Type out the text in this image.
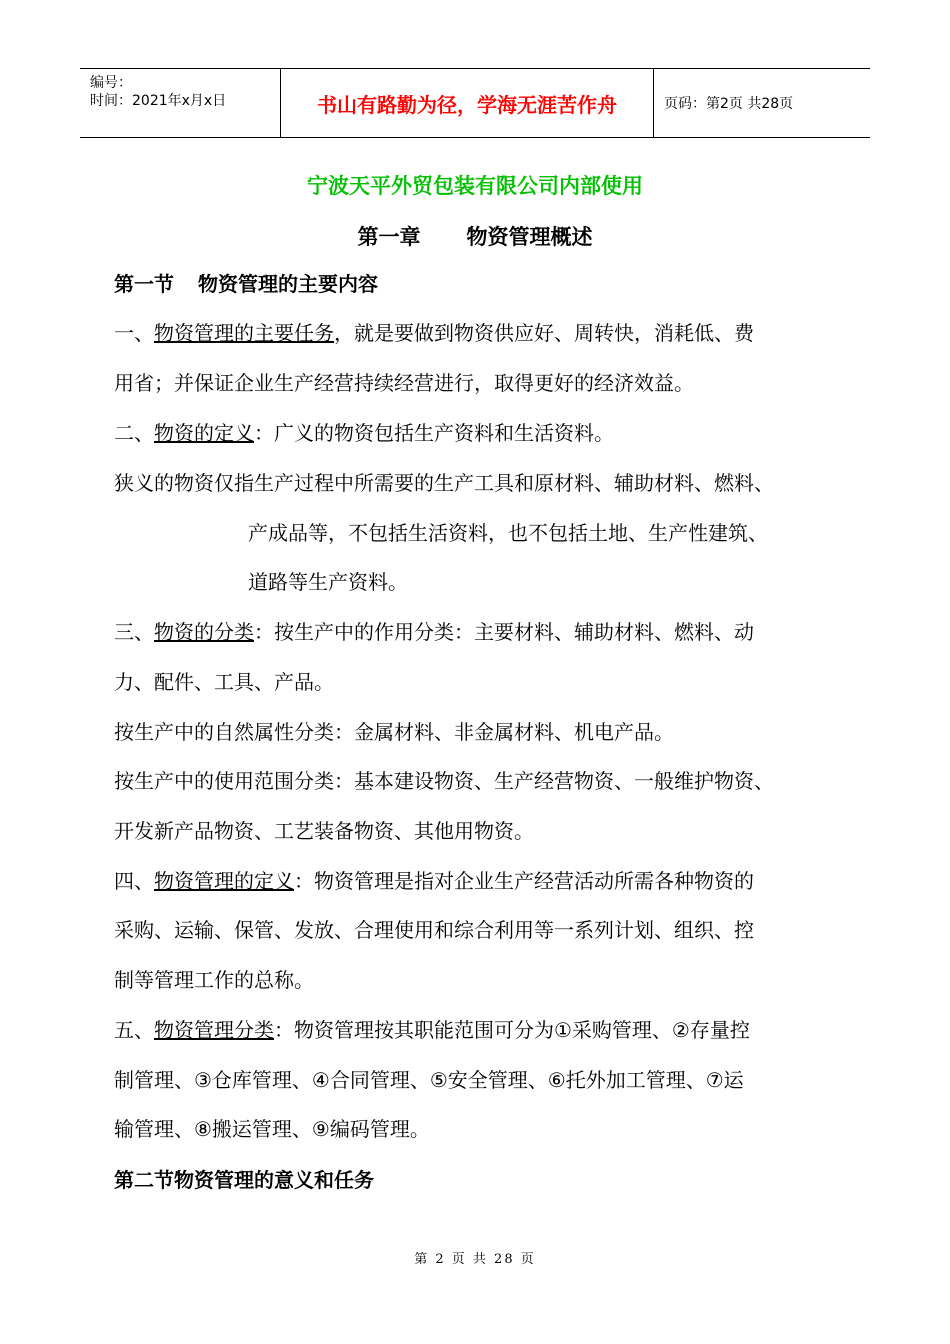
编号：
时间：2021年x月x日	书山有路勤为径，学海无涯苦作舟	页码：第2页 共28页
宁波天平外贸包装有限公司内部使用
第一章 物资管理概述
第一节 物资管理的主要内容
一、物资管理的主要任务，就是要做到物资供应好、周转快，消耗低、费
用省；并保证企业生产经营持续经营进行，取得更好的经济效益。
二、物资的定义：广义的物资包括生产资料和生活资料。
狭义的物资仅指生产过程中所需要的生产工具和原材料、辅助材料、燃料、
产成品等，不包括生活资料，也不包括土地、生产性建筑、
道路等生产资料。
三、物资的分类：按生产中的作用分类：主要材料、辅助材料、燃料、动
力、配件、工具、产品。
按生产中的自然属性分类：金属材料、非金属材料、机电产品。
按生产中的使用范围分类：基本建设物资、生产经营物资、一般维护物资、
开发新产品物资、工艺装备物资、其他用物资。
四、物资管理的定义：物资管理是指对企业生产经营活动所需各种物资的
采购、运输、保管、发放、合理使用和综合利用等一系列计划、组织、控
制等管理工作的总称。
五、物资管理分类：物资管理按其职能范围可分为①采购管理、②存量控
制管理、③仓库管理、④合同管理、⑤安全管理、⑥托外加工管理、⑦运
输管理、⑧搬运管理、⑨编码管理。
第二节物资管理的意义和任务
第 2 页 共 28 页
